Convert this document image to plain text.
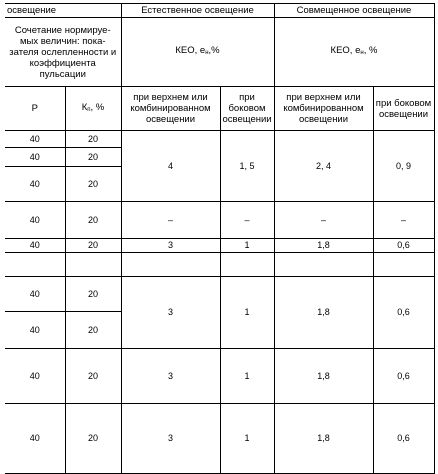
освещение		Естественное освещение		Совмещенное освещение	
Сочетание нормируе-мых величин: пока-зателя ослепленности и коэффициента пульсации		КЕО, ен,%		КЕО, ен, %	
Р	Кп, %	при верхнем или комбинированном освещении	при боковом освещении	при верхнем или комбинированном освещении	при боковом освещении
40	20	4	1, 5	2, 4	0, 9
40	20				
40	20				
40	20	–	–	–	–
40	20	3	1	1,8	0,6

40	20	3	1	1,8	0,6
40	20				
40	20	3	1	1,8	0,6
40	20	3	1	1,8	0,6
